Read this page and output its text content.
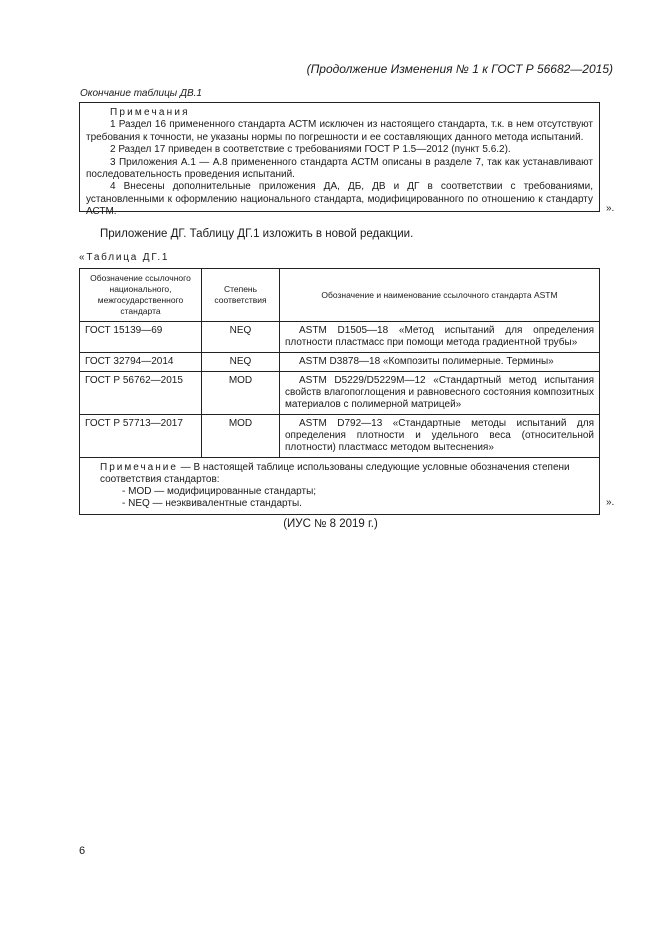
(Продолжение Изменения № 1 к ГОСТ Р 56682—2015)
Окончание таблицы ДВ.1
Примечания

1 Раздел 16 примененного стандарта АСТМ исключен из настоящего стандарта, т.к. в нем отсутствуют требования к точности, не указаны нормы по погрешности и ее составляющих данного метода испытаний.

2 Раздел 17 приведен в соответствие с требованиями ГОСТ Р 1.5—2012 (пункт 5.6.2).

3 Приложения А.1 — А.8 примененного стандарта АСТМ описаны в разделе 7, так как устанавливают последовательность проведения испытаний.

4 Внесены дополнительные приложения ДА, ДБ, ДВ и ДГ в соответствии с требованиями, установленными к оформлению национального стандарта, модифицированного по отношению к стандарту АСТМ.	».
Приложение ДГ. Таблицу ДГ.1 изложить в новой редакции.
«Таблица ДГ.1
Обозначение ссылочного национального, межгосударственного стандарта	Степень соответствия	Обозначение и наименование ссылочного стандарта ASTM
ГОСТ 15139—69	NEQ	ASTM D1505—18 «Метод испытаний для определения плотности пластмасс при помощи метода градиентной трубы»
ГОСТ 32794—2014	NEQ	ASTM D3878—18 «Композиты полимерные. Термины»
ГОСТ Р 56762—2015	MOD	ASTM D5229/D5229M—12 «Стандартный метод испытания свойств влагопоглощения и равновесного состояния композитных материалов с полимерной матрицей»
ГОСТ Р 57713—2017	MOD	ASTM D792—13 «Стандартные методы испытаний для определения плотности и удельного веса (относительной плотности) пластмасс методом вытеснения»

Примечание — В настоящей таблице использованы следующие условные обозначения степени соответствия стандартов:
- MOD — модифицированные стандарты;
- NEQ — неэквивалентные стандарты.			».
(ИУС № 8 2019 г.)
6
